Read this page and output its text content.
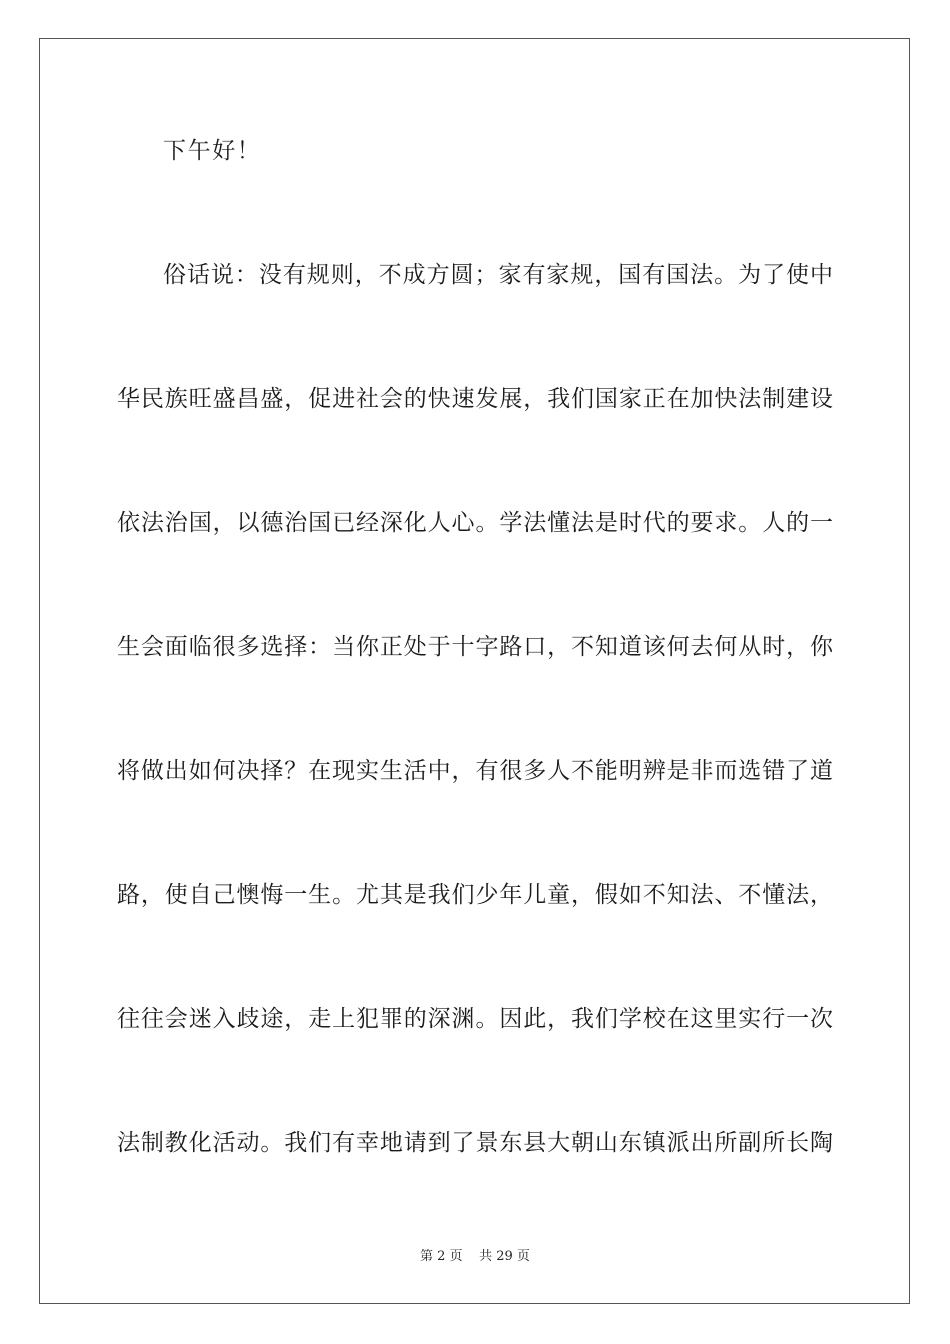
下午好！
俗话说：没有规则，不成方圆；家有家规，国有国法。为了使中
华民族旺盛昌盛，促进社会的快速发展，我们国家正在加快法制建设
依法治国，以德治国已经深化人心。学法懂法是时代的要求。人的一
生会面临很多选择：当你正处于十字路口，不知道该何去何从时，你
将做出如何决择？在现实生活中，有很多人不能明辨是非而选错了道
路，使自己懊悔一生。尤其是我们少年儿童，假如不知法、不懂法，
往往会迷入歧途，走上犯罪的深渊。因此，我们学校在这里实行一次
法制教化活动。我们有幸地请到了景东县大朝山东镇派出所副所长陶
第 2 页 共 29 页
